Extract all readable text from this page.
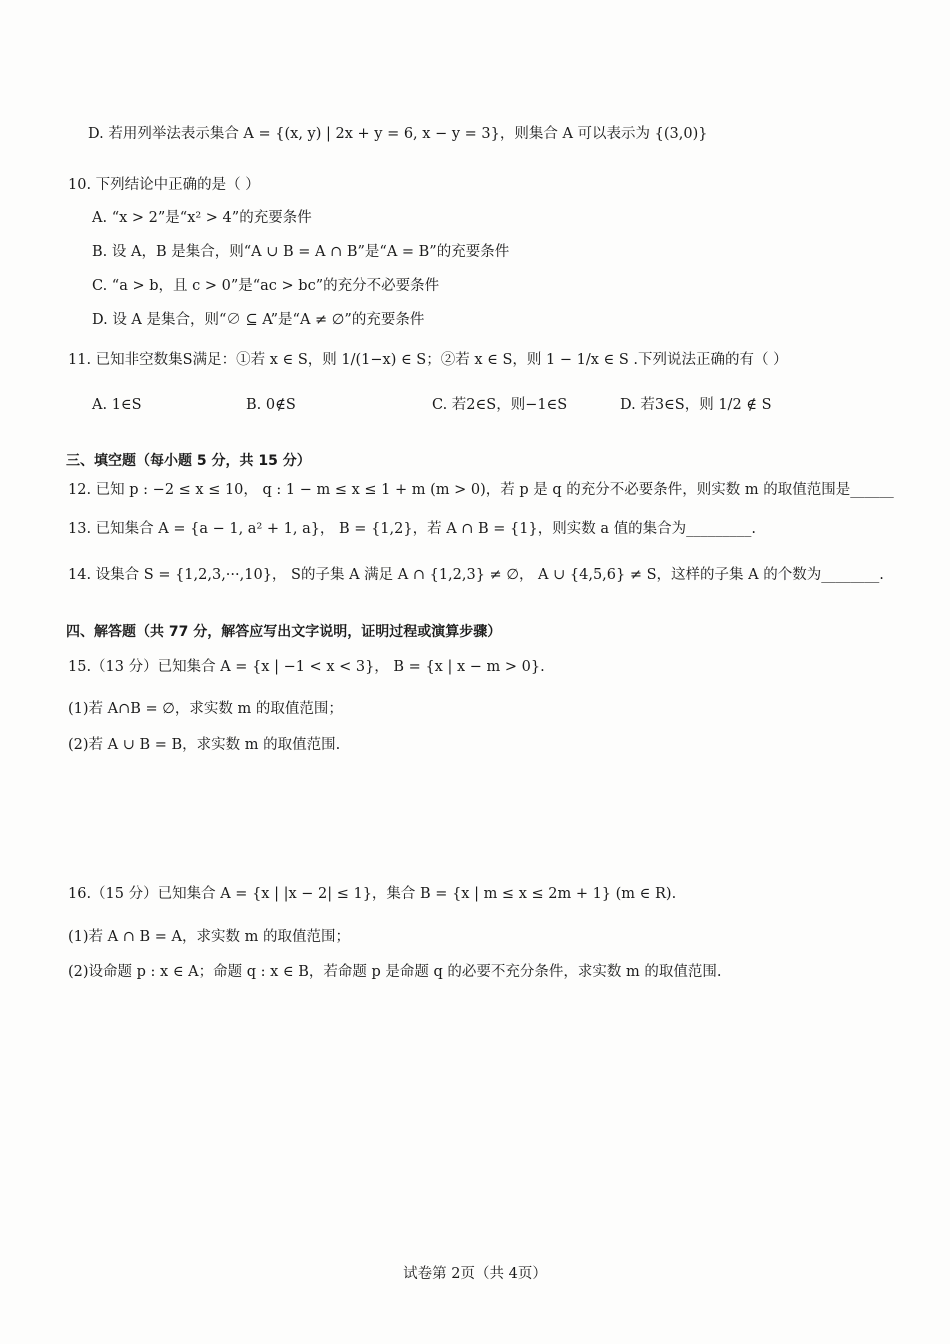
D. 若用列举法表示集合 A = {(x, y) | 2x + y = 6, x − y = 3}，则集合 A 可以表示为 {(3,0)}
10. 下列结论中正确的是（ ）
A. “x > 2”是“x² > 4”的充要条件
B. 设 A，B 是集合，则“A ∪ B = A ∩ B”是“A = B”的充要条件
C. “a > b，且 c > 0”是“ac > bc”的充分不必要条件
D. 设 A 是集合，则“∅ ⊆ A”是“A ≠ ∅”的充要条件
11. 已知非空数集S满足：①若 x ∈ S，则 1/(1−x) ∈ S；②若 x ∈ S，则 1 − 1/x ∈ S .下列说法正确的有（ ）
A. 1∈S	B. 0∉S	C. 若2∈S，则−1∈S	D. 若3∈S，则 1/2 ∉ S
三、填空题（每小题 5 分，共 15 分）
12. 已知 p : −2 ≤ x ≤ 10， q : 1 − m ≤ x ≤ 1 + m (m > 0)，若 p 是 q 的充分不必要条件，则实数 m 的取值范围是______
13. 已知集合 A = {a − 1, a² + 1, a}， B = {1,2}，若 A ∩ B = {1}，则实数 a 值的集合为_________.
14. 设集合 S = {1,2,3,···,10}， S的子集 A 满足 A ∩ {1,2,3} ≠ ∅， A ∪ {4,5,6} ≠ S，这样的子集 A 的个数为________.
四、解答题（共 77 分，解答应写出文字说明，证明过程或演算步骤）
15.（13 分）已知集合 A = {x | −1 < x < 3}， B = {x | x − m > 0}.
(1)若 A∩B = ∅，求实数 m 的取值范围；
(2)若 A ∪ B = B，求实数 m 的取值范围.
16.（15 分）已知集合 A = {x | |x − 2| ≤ 1}，集合 B = {x | m ≤ x ≤ 2m + 1} (m ∈ R).
(1)若 A ∩ B = A，求实数 m 的取值范围；
(2)设命题 p : x ∈ A；命题 q : x ∈ B，若命题 p 是命题 q 的必要不充分条件，求实数 m 的取值范围.
试卷第 2页（共 4页）
